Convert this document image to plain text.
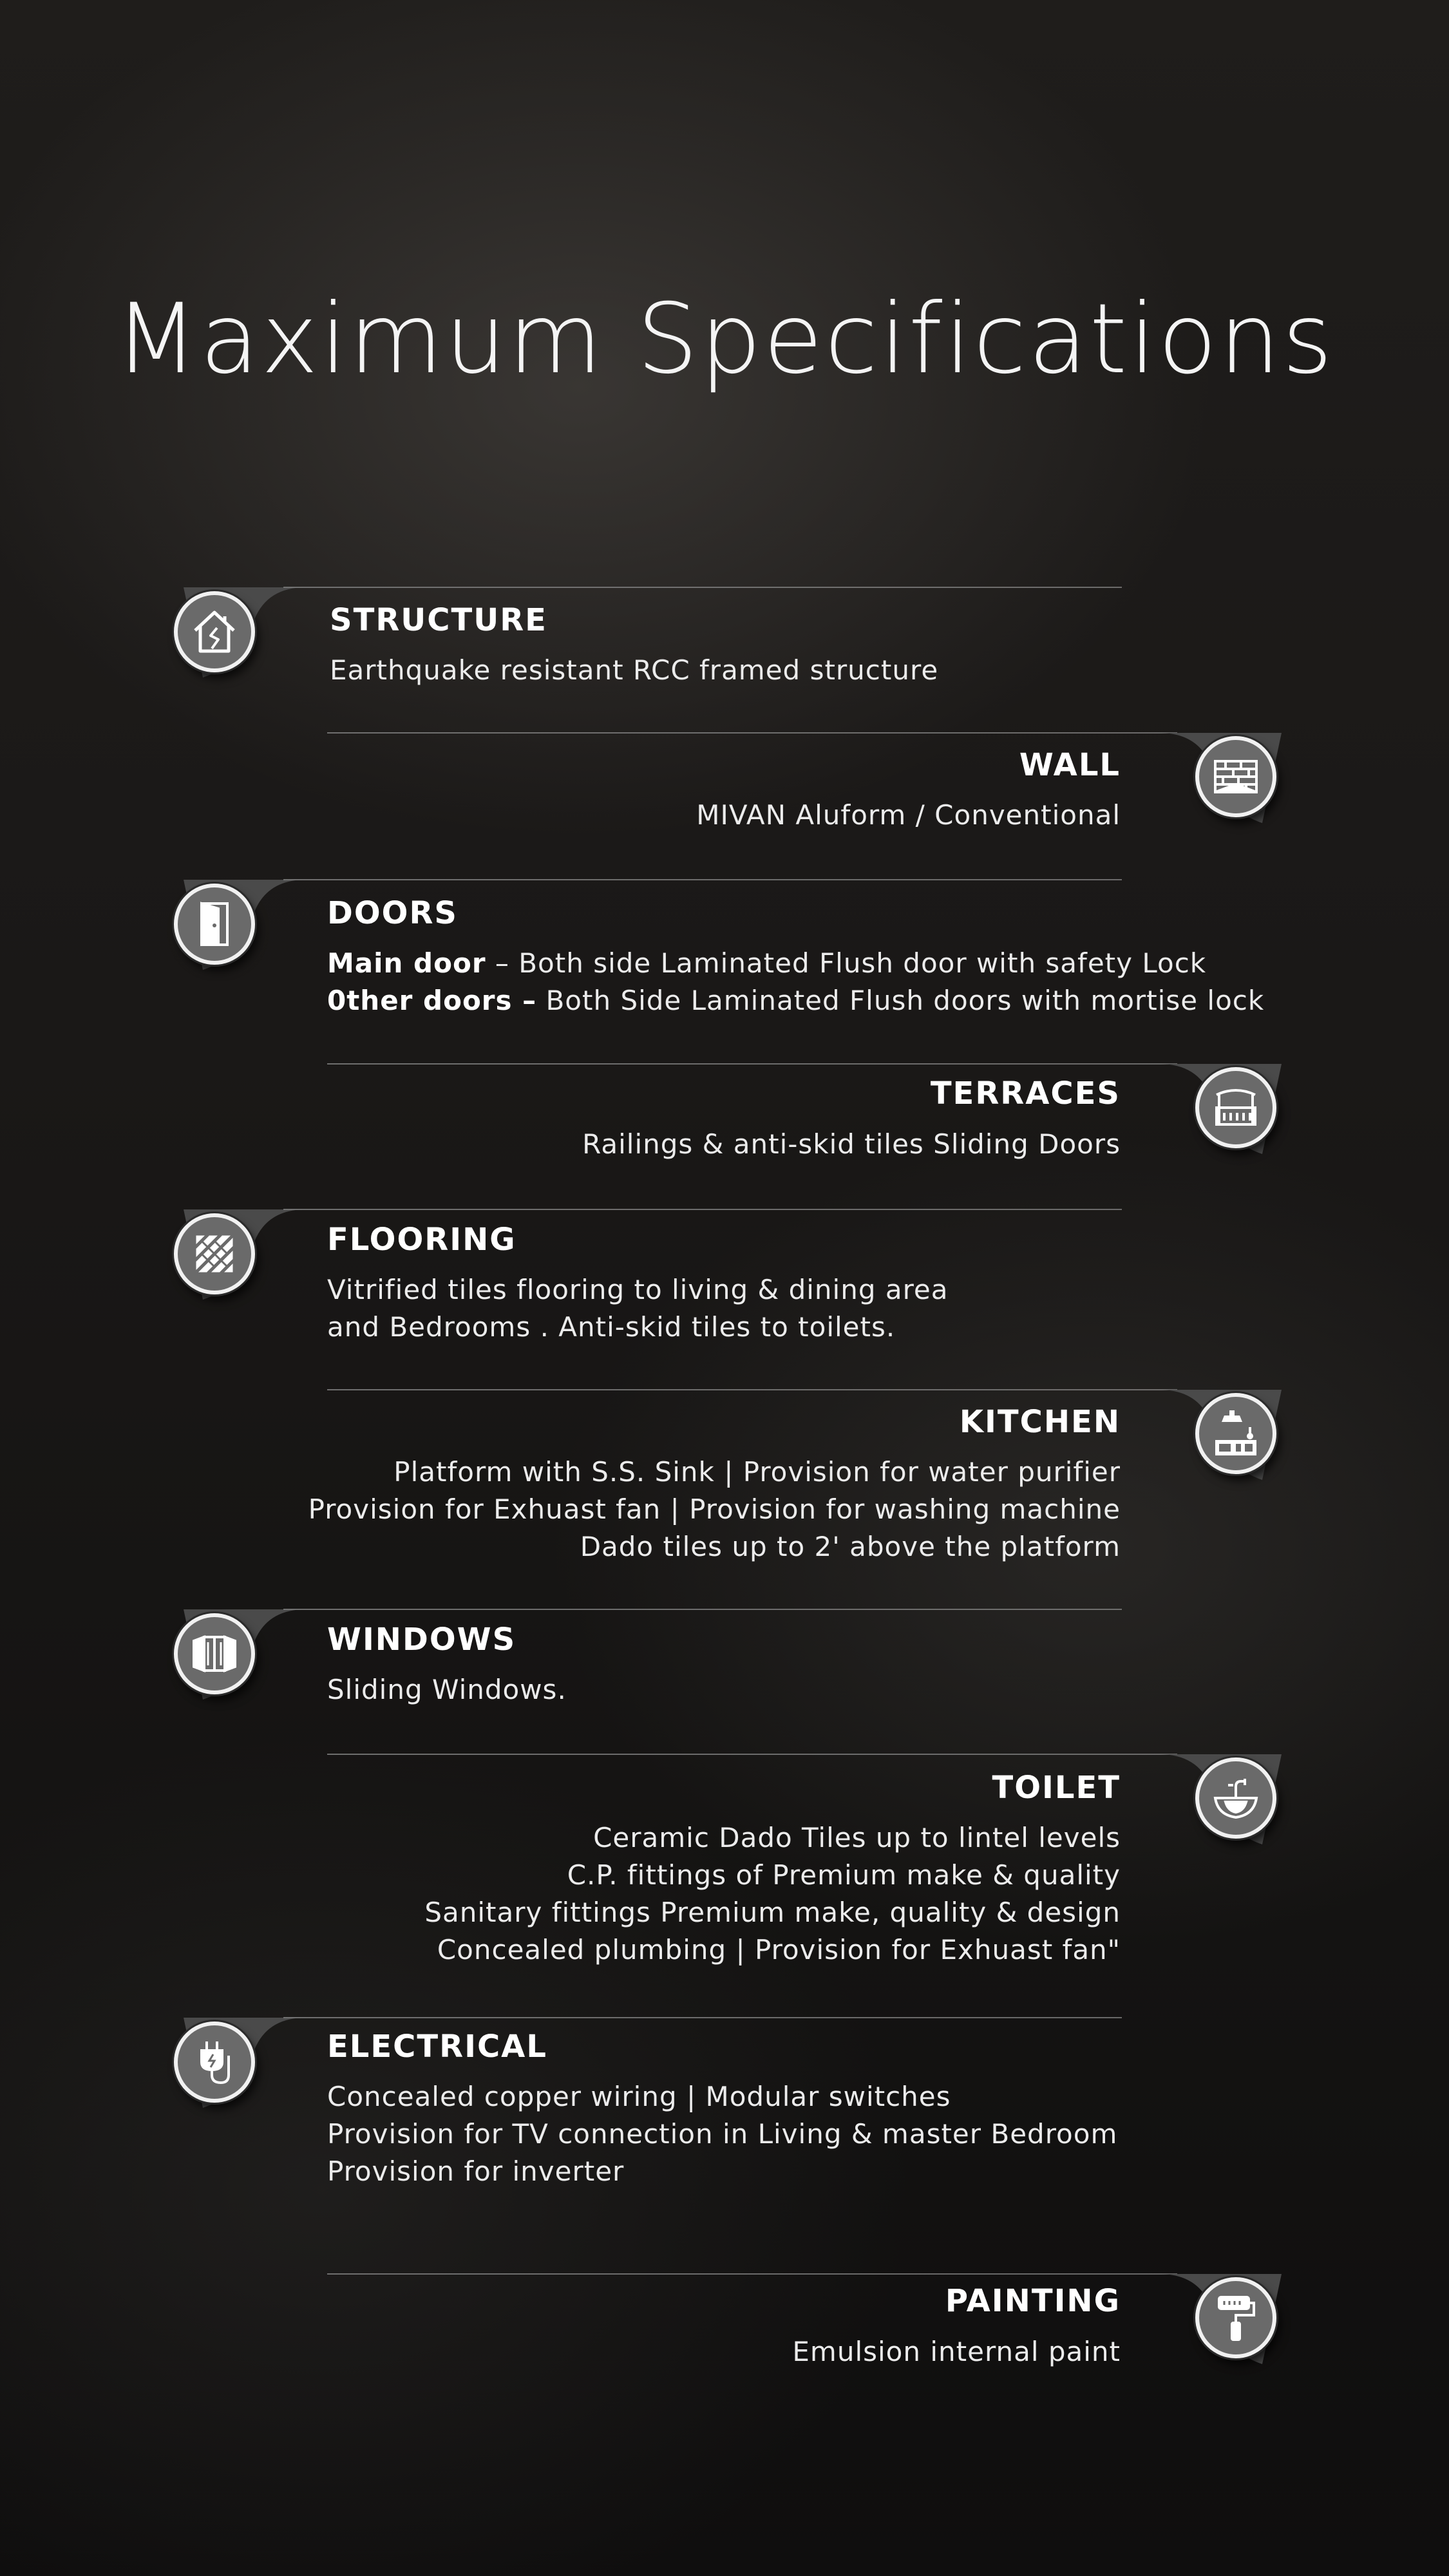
Maximum Specifications
STRUCTURE
Earthquake resistant RCC framed structure
WALL
MIVAN Aluform / Conventional
DOORS
Main door – Both side Laminated Flush door with safety Lock
0ther doors – Both Side Laminated Flush doors with mortise lock
TERRACES
Railings & anti-skid tiles Sliding Doors
FLOORING
Vitrified tiles flooring to living & dining area
and Bedrooms . Anti-skid tiles to toilets.
KITCHEN
Platform with S.S. Sink | Provision for water purifier
Provision for Exhuast fan | Provision for washing machine
Dado tiles up to 2' above the platform
WINDOWS
Sliding Windows.
TOILET
Ceramic Dado Tiles up to lintel levels
C.P. fittings of Premium make & quality
Sanitary fittings Premium make, quality & design
Concealed plumbing | Provision for Exhuast fan"
ELECTRICAL
Concealed copper wiring | Modular switches
Provision for TV connection in Living & master Bedroom
Provision for inverter
PAINTING
Emulsion internal paint
